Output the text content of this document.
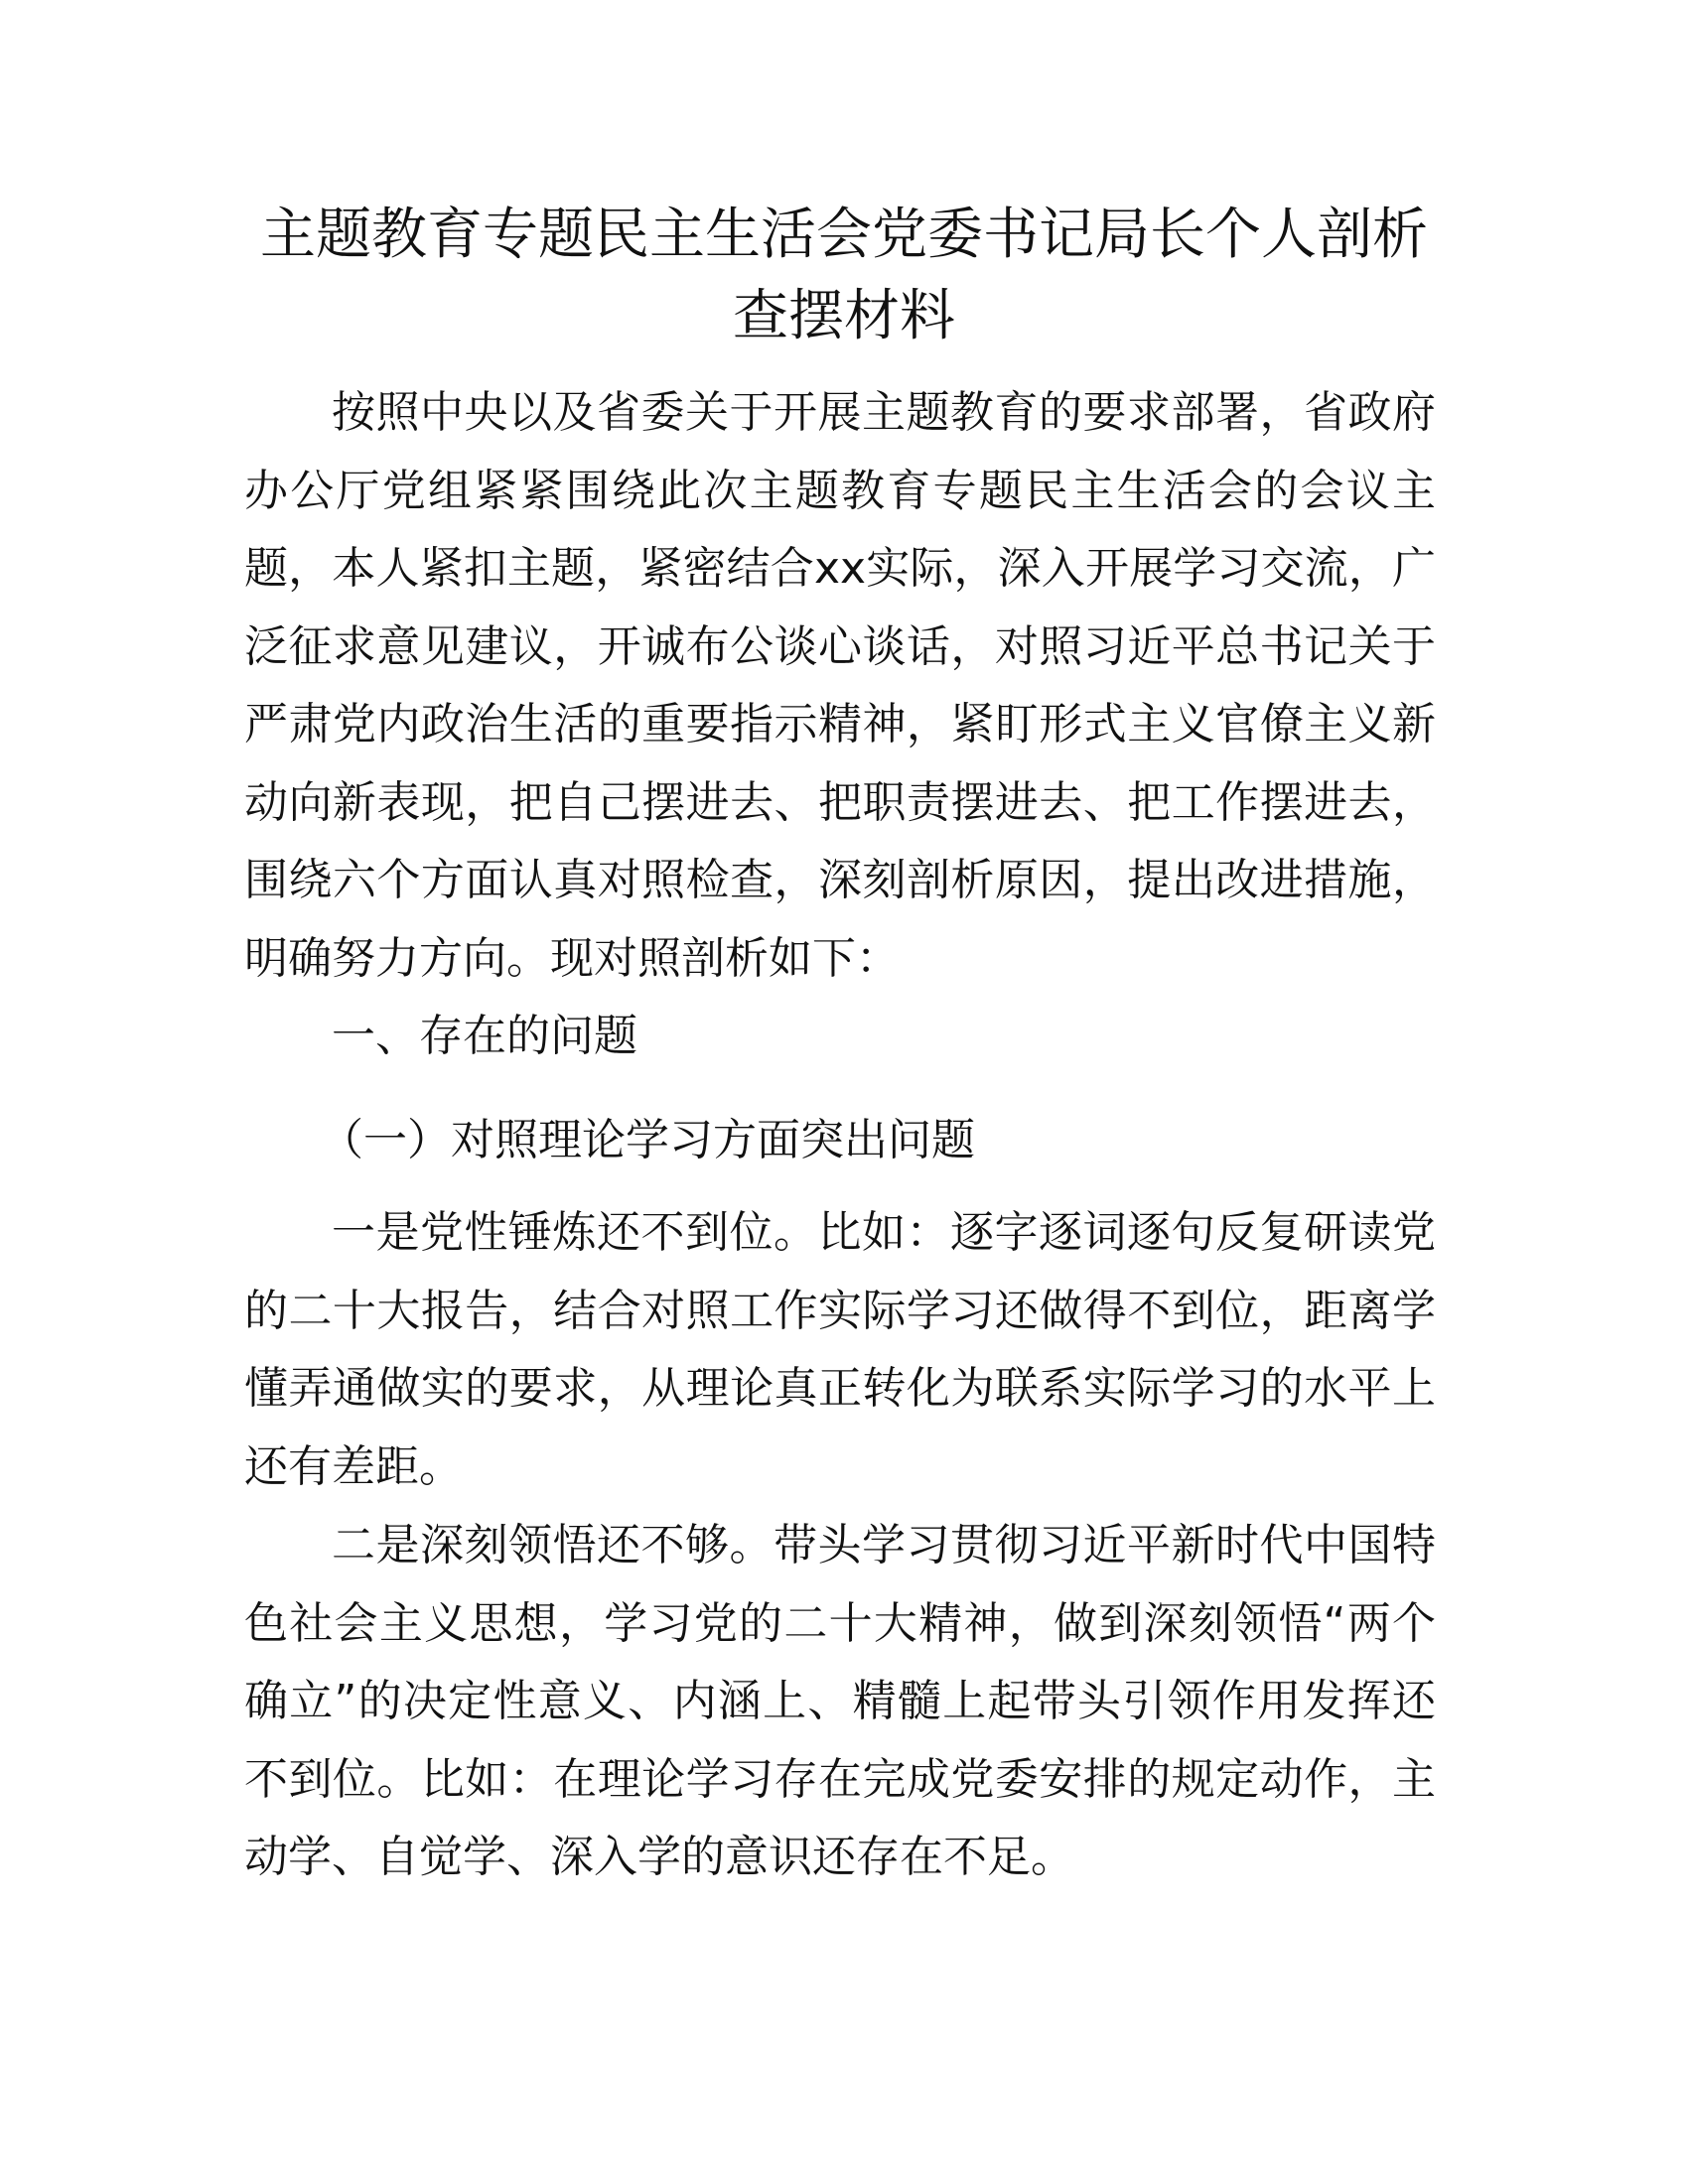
主题教育专题民主生活会党委书记局长个人剖析查摆材料

按照中央以及省委关于开展主题教育的要求部署，省政府办公厅党组紧紧围绕此次主题教育专题民主生活会的会议主题，本人紧扣主题，紧密结合xx实际，深入开展学习交流，广泛征求意见建议，开诚布公谈心谈话，对照习近平总书记关于严肃党内政治生活的重要指示精神，紧盯形式主义官僚主义新动向新表现，把自己摆进去、把职责摆进去、把工作摆进去，围绕六个方面认真对照检查，深刻剖析原因，提出改进措施，明确努力方向。现对照剖析如下：

一、存在的问题

（一）对照理论学习方面突出问题

一是党性锤炼还不到位。比如：逐字逐词逐句反复研读党的二十大报告，结合对照工作实际学习还做得不到位，距离学懂弄通做实的要求，从理论真正转化为联系实际学习的水平上还有差距。

二是深刻领悟还不够。带头学习贯彻习近平新时代中国特色社会主义思想，学习党的二十大精神，做到深刻领悟“两个确立”的决定性意义、内涵上、精髓上起带头引领作用发挥还不到位。比如：在理论学习存在完成党委安排的规定动作，主动学、自觉学、深入学的意识还存在不足。
